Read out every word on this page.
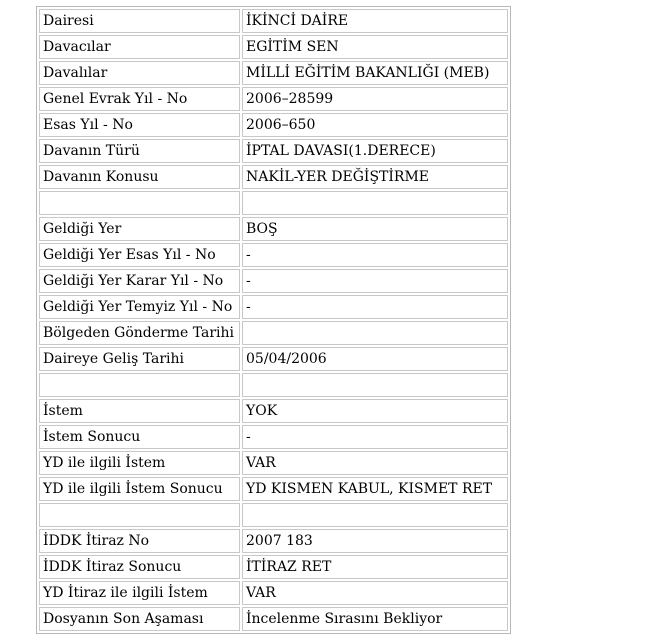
Dairesi	İKİNCİ DAİRE
Davacılar	EGİTİM SEN
Davalılar	MİLLİ EĞİTİM BAKANLIĞI (MEB)
Genel Evrak Yıl - No	2006–28599
Esas Yıl - No	2006–650
Davanın Türü	İPTAL DAVASI(1.DERECE)
Davanın Konusu	NAKİL-YER DEĞİŞTİRME

Geldiği Yer	BOŞ
Geldiği Yer Esas Yıl - No	-
Geldiği Yer Karar Yıl - No	-
Geldiği Yer Temyiz Yıl - No	-
Bölgeden Gönderme Tarihi	
Daireye Geliş Tarihi	05/04/2006

İstem	YOK
İstem Sonucu	-
YD ile ilgili İstem	VAR
YD ile ilgili İstem Sonucu	YD KISMEN KABUL, KISMET RET

İDDK İtiraz No	2007 183
İDDK İtiraz Sonucu	İTİRAZ RET
YD İtiraz ile ilgili İstem	VAR
Dosyanın Son Aşaması	İncelenme Sırasını Bekliyor
